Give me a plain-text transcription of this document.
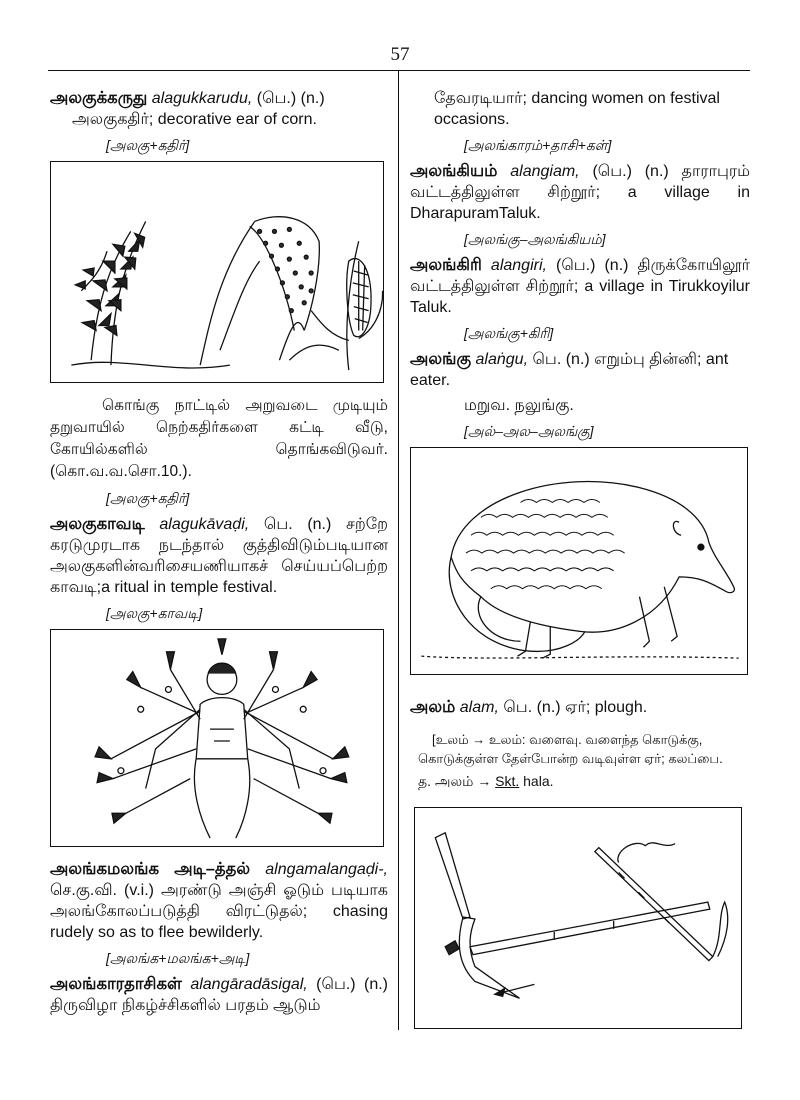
57

அலகுக்கருது alagukkarudu, (பெ.) (n.)
அலகுகதிர்; decorative ear of corn.

[அலகு+கதிர்]

கொங்கு நாட்டில் அறுவடை முடியும் தறுவாயில் நெற்கதிர்களை கட்டி வீடு, கோயில்களில் தொங்கவிடுவர். (கொ.வ.வ.சொ.10.).

[அலகு+கதிர்]

அலகுகாவடி alagukāvaḍi, பெ. (n.) சற்றே கரடுமுரடாக நடந்தால் குத்திவிடும்படியான அலகுகளின்வரிசையணியாகச் செய்யப்பெற்ற காவடி;a ritual in temple festival.

[அலகு+காவடி]

அலங்கமலங்க அடி–த்தல் alngamalangaḍi-, செ.கு.வி. (v.i.) அரண்டு அஞ்சி ஓடும் படியாக அலங்கோலப்படுத்தி விரட்டுதல்; chasing rudely so as to flee bewilderly.

[அலங்க+மலங்க+அடி]

அலங்காரதாசிகள் alangāradāsigal, (பெ.) (n.) திருவிழா நிகழ்ச்சிகளில் பரதம் ஆடும்

தேவரடியார்; dancing women on festival occasions.

[அலங்காரம்+தாசி+கள்]

அலங்கியம் alangiam, (பெ.) (n.) தாராபுரம் வட்டத்திலுள்ள சிற்றூர்; a village in DharapuramTaluk.

[அலங்கு–அலங்கியம்]

அலங்கிரி alangiri, (பெ.) (n.) திருக்கோயிலூர் வட்டத்திலுள்ள சிற்றூர்; a village in Tirukkoyilur Taluk.

[அலங்கு+கிரி]

அலங்கு alaṅgu, பெ. (n.) எறும்பு தின்னி; ant eater.

மறுவ. நலுங்கு.

[அல்–அல–அலங்கு]

அலம் alam, பெ. (n.) ஏர்; plough.

[உலம் → உலம்: வளைவு. வளைந்த கொடுக்கு,

கொடுக்குள்ள தேள்போன்ற வடிவுள்ள ஏர்; கலப்பை.

த. அலம் → Skt. hala.
